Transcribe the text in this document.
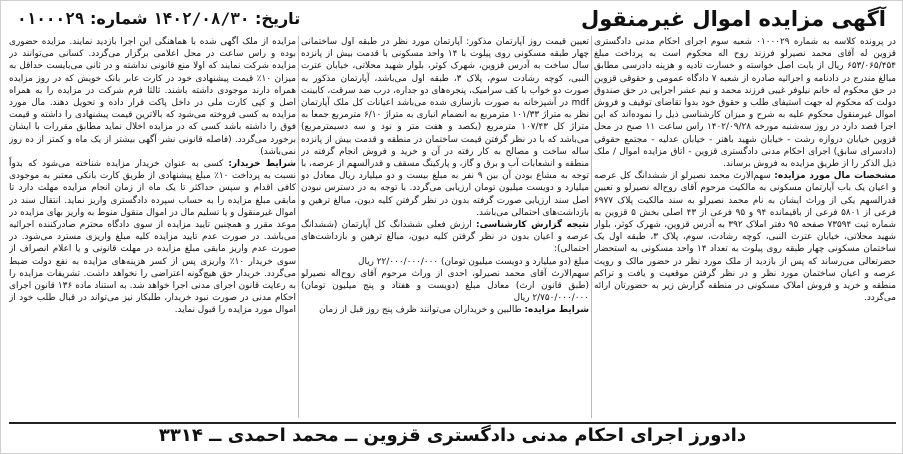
آگهی مزایده اموال غیرمنقول
تاریخ: ۱۴۰۲/۰۸/۳۰ شماره: ۰۱۰۰۰۲۹

در پرونده کلاسه به شماره ۰۱۰۰۰۲۹ شعبه سوم اجرای احکام مدنی دادگستری قزوین له آقای محمد نصیرلو فرزند روح اله محکوم است به پرداخت مبلغ ۶۵۳/۰۶۵/۴۵۴ ریال از بابت اصل خواسته و خسارت تادیه و هزینه دادرسی مطابق مبالغ مندرج در دادنامه و اجرائیه صادره از شعبه ۷ دادگاه عمومی و حقوقی قزوین در حق محکوم له خانم نیلوفر غیبی فرزند محمد و نیم عشر اجرایی در حق صندوق دولت که محکوم له جهت استیفای طلب و حقوق خود بدوا تقاضای توقیف و فروش اموال غیرمنقول محکوم علیه به شرح و میزان کارشناسی ذیل را نموده‌اند که این اجرا قصد دارد در روز سه‌شنبه مورخه ۱۴۰۲/۰۹/۲۸ راس ساعت ۱۱ صبح در محل قزوین خیابان دروازه رشت - خیابان شهید باهنر - خیابان عدلیه - مجتمع حقوقی (دادسرای سابق) اجرای احکام مدنی دادگستری قزوین - اتاق مزایده اموال / ملک ذیل الذکر را از طریق مزایده به فروش برساند.

مشخصات مال مورد مزایده: سهم‌الارث محمد نصیرلو از ششدانگ کل عرصه و اعیان یک باب آپارتمان مسکونی به مالکیت مرحوم آقای روح‌اله نصیرلو و تعیین قدرالسهم یکی از وراث ایشان به نام محمد نصیرلو به سند مالکیت پلاک ۶۹۷۷ فرعی از ۵۸۰۱ فرعی از باقیمانده ۹۴ و ۹۵ فرعی از ۴۳ اصلی بخش ۵ قزوین به شماره ثبت ۷۳۵۹۴ صفحه ۹۵ دفتر املاک ۳۹۲ به آدرس قزوین، شهرک کوثر، بلوار شهید محلاتی، خیابان عترت النبی، کوچه رشادت، سوم، پلاک ۳، طبقه اول یک ساختمان مسکونی چهار طبقه روی پیلوت به تعداد ۱۴ واحد مسکونی به استحضار حضرتعالی می‌رساند که پس از بازدید از ملک مورد نظر در حضور مالک و رویت عرصه و اعیان ساختمان مورد نظر و در نظر گرفتن موقعیت و یافت و تراکم منطقه و خرید و فروش املاک مسکونی در منطقه گزارش زیر به حضورتان ارائه می‌گردد.

تعیین قیمت روز آپارتمان مذکور: آپارتمان مورد نظر در طبقه اول ساختمانی چهار طبقه مسکونی روی پیلوت با ۱۴ واحد مسکونی با قدمت بیش از پانزده سال ساخت به آدرس قزوین، شهرک کوثر، بلوار شهید محلاتی، خیابان عترت النبی، کوچه رشادت سوم، پلاک ۳، طبقه اول می‌باشد، آپارتمان مذکور به صورت دو خواب با کف سرامیک، پنجره‌های دو جداره، درب ضد سرقت، کابینت mdf در آشپزخانه به صورت بازسازی شده می‌باشد اعیانات کل ملک آپارتمان نظر به متراژ ۱۰۱/۳۳ مترمربع به انضمام انباری به متراژ ۶/۱۰ مترمربع جمعا به متراژ کل ۱۰۷/۴۳ مترمربع (یکصد و هفت متر و نود و سه دسیمترمربع) می‌باشد که با در نظر گرفتن قیمت ساختمان در منطقه و قدمت بیش از پانزده ساله ساخت و مصالح به کار رفته در آن و خرید و فروش انجام گرفته در منطقه و انشعابات آب و برق و گاز، و پارکینگ مسقف و قدرالسهم از عرصه، با توجه به مشاع بودن آن بین ۹ نفر به مبلغ بیست و دو میلیارد ریال معادل دو میلیارد و دویست میلیون تومان ارزیابی می‌گردد. با توجه به در دسترس نبودن اصل سند ارزیابی صورت گرفته بدون در نظر گرفتن کلیه دیون، مبالغ ترهین و بازداشت‌های احتمالی می‌باشد.

نتیجه گزارش کارشناسی: ارزش فعلی ششدانگ کل آپارتمان (ششدانگ عرصه و اعیان بدون در نظر گرفتن کلیه دیون، مبالغ ترهین و بازداشت‌های احتمالی):

مبلغ (دو میلیارد و دویست میلیون تومان) ۲۲/۰۰۰/۰۰۰/۰۰۰ ریال

سهم‌الارث آقای محمد نصیرلو، احدی از وراث مرحوم آقای روح‌اله نصیرلو (طبق قانون ارث) معادل مبلغ (دویست و هفتاد و پنج میلیون تومان) ۲/۷۵۰/۰۰۰/۰۰۰ ریال

شرایط مزایده: طالبین و خریداران می‌توانند ظرف پنج روز قبل از زمان

مزایده از ملک آگهی شده با هماهنگی این اجرا بازدید نمایند. مزایده حضوری بوده و راس ساعت در محل اعلامی برگزار می‌گردد. کسانی می‌توانند در مزایده شرکت نمایند که اولا منع قانونی نداشته و در ثانی می‌بایست حداقل به میزان ۱۰٪ قیمت پیشنهادی خود در کارت عابر بانک خویش که در روز مزایده همراه دارند موجودی داشته باشند. ثالثا فرم شرکت در مزایده را به همراه اصل و کپی کارت ملی در داخل پاکت قرار داده و تحویل دهند. مال مورد مزایده به کسی فروخته می‌شود که بالاترین قیمت پیشنهادی را داشته و قیمت فوق را داشته باشد کسی که در مزایده اخلال نماید مطابق مقررات با ایشان برخورد می‌گردد. (فاصله قانونی نشر آگهی بیشتر از یک ماه و کمتر از ده روز نمی‌باشد)

شرایط خریدار: کسی به عنوان خریدار مزایده شناخته می‌شود که بدواً نسبت به پرداخت ۱۰٪ مبلغ پیشنهادی از طریق کارت بانکی معتبر به موجودی کافی اقدام و سپس حداکثر تا یک ماه از زمان انجام مزایده مهلت دارد تا مابقی مبلغ مزایده را به حساب سپرده دادگستری واریز نماید. انتقال سند در اموال غیرمنقول و یا تسلیم مال در اموال منقول منوط به واریز بهای مزایده در موعد مقرر و همچنین تایید مزایده از سوی دادگاه محترم صادرکننده اجرائیه می‌باشد. در صورت عدم تایید مزایده کلیه مبلغ واریزی مسترد می‌شود. در صورت عدم واریز مابقی مبلغ مزایده در مهلت قانونی و یا اعلام انصراف از سوی خریدار ۱۰٪ واریزی پس از کسر هزینه‌های مزایده به نفع دولت ضبط می‌گردد. خریدار حق هیچ‌گونه اعتراضی را نخواهد داشت. تشریفات مزایده را به رعایت قانون اجرای مدنی اجرا خواهد شد. به استناد ماده ۱۳۶ قانون اجرای احکام مدنی در صورت نبود خریدار، طلبکار نیز می‌تواند در قبال طلب خود از اموال مورد مزایده را قبول نماید.

دادورز اجرای احکام مدنی دادگستری قزوین ــ محمد احمدی ــ ۳۳۱۴
